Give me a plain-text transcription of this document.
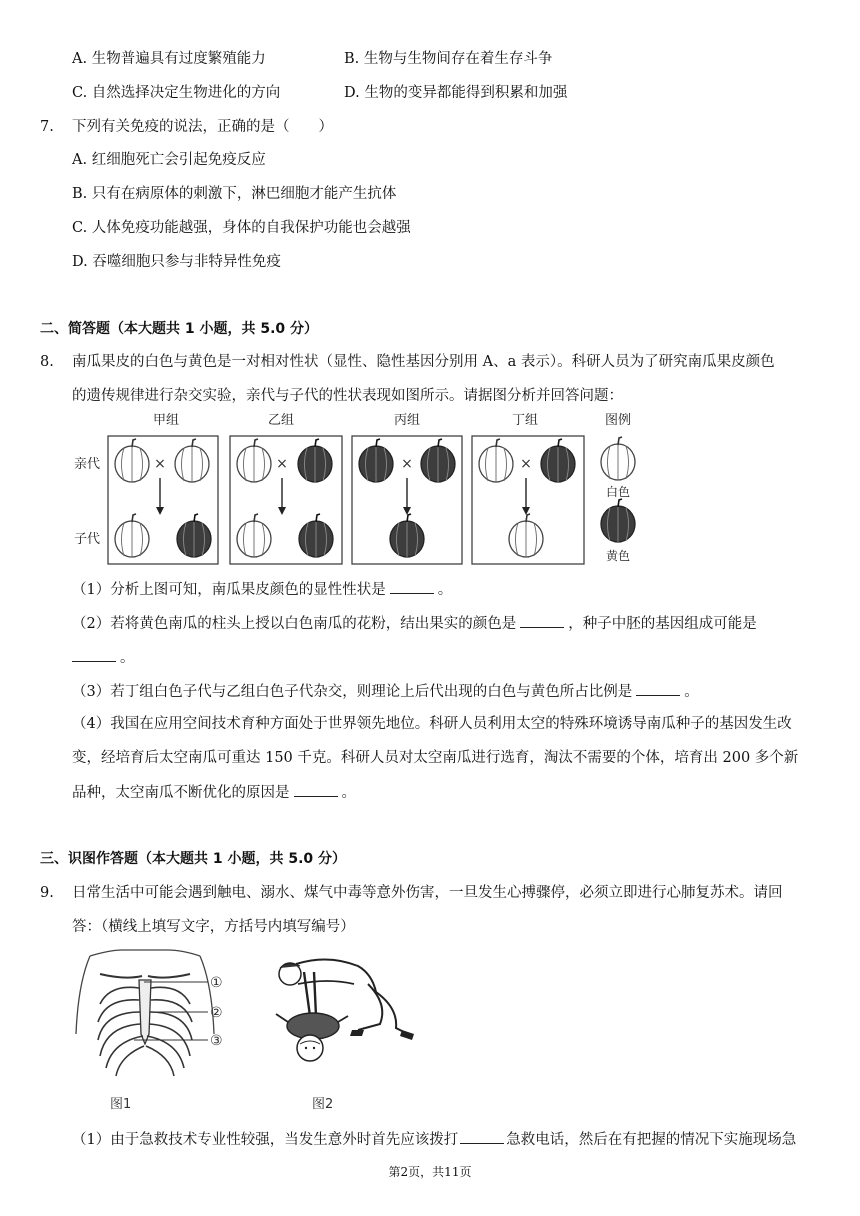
A. 生物普遍具有过度繁殖能力	B. 生物与生物间存在着生存斗争
C. 自然选择决定生物进化的方向	D. 生物的变异都能得到积累和加强
7. 下列有关免疫的说法，正确的是（　　）
A. 红细胞死亡会引起免疫反应
B. 只有在病原体的刺激下，淋巴细胞才能产生抗体
C. 人体免疫功能越强，身体的自我保护功能也会越强
D. 吞噬细胞只参与非特异性免疫
二、简答题（本大题共 1 小题，共 5.0 分）
8. 南瓜果皮的白色与黄色是一对相对性状（显性、隐性基因分别用 A、a 表示）。科研人员为了研究南瓜果皮颜色
的遗传规律进行杂交实验，亲代与子代的性状表现如图所示。请据图分析并回答问题：
甲组	乙组	丙组	丁组	图例
亲代
子代
×	×	×	×
白色
黄色
（1）分析上图可知，南瓜果皮颜色的显性性状是	。
（2）若将黄色南瓜的柱头上授以白色南瓜的花粉，结出果实的颜色是	，种子中胚的基因组成可能是
。
（3）若丁组白色子代与乙组白色子代杂交，则理论上后代出现的白色与黄色所占比例是	。
（4）我国在应用空间技术育种方面处于世界领先地位。科研人员利用太空的特殊环境诱导南瓜种子的基因发生改
变，经培育后太空南瓜可重达 150 千克。科研人员对太空南瓜进行选育，淘汰不需要的个体，培育出 200 多个新
品种，太空南瓜不断优化的原因是	。
三、识图作答题（本大题共 1 小题，共 5.0 分）
9. 日常生活中可能会遇到触电、溺水、煤气中毒等意外伤害，一旦发生心搏骤停，必须立即进行心肺复苏术。请回
答：（横线上填写文字，方括号内填写编号）
①
②
③
图1	图2
（1）由于急救技术专业性较强，当发生意外时首先应该拨打	急救电话，然后在有把握的情况下实施现场急
第2页，共11页
